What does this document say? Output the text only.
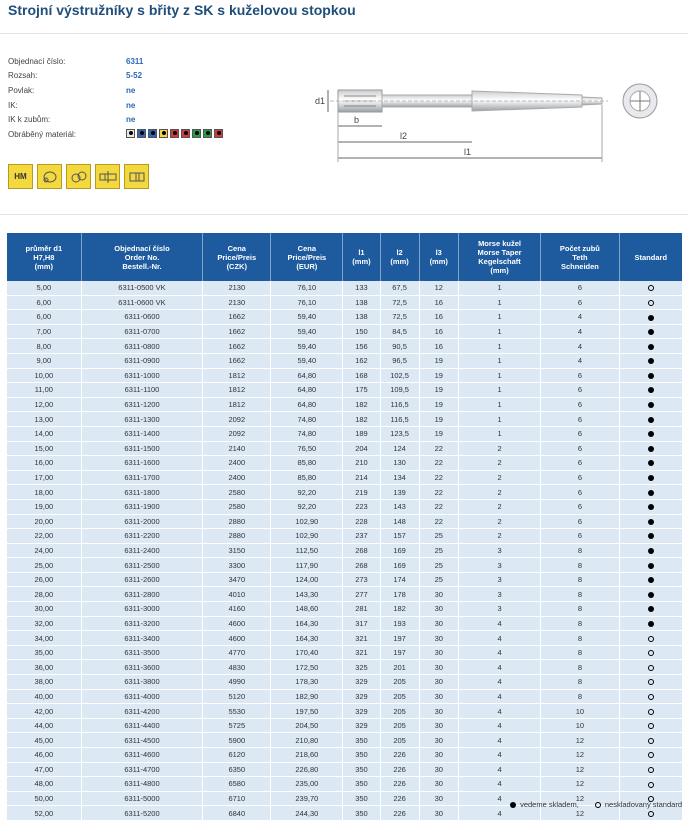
Strojní výstružníky s břity z SK s kuželovou stopkou
Objednací číslo:	6311
Rozsah:	5-52
Povlak:	ne
IK:	ne
IK k zubům:	ne
Obráběný materiál:
HM
d1
b
l2
l1
průměr d1
H7,H8
(mm)	Objednací číslo
Order No.
Bestell.-Nr.	Cena
Price/Preis
(CZK)	Cena
Price/Preis
(EUR)	l1
(mm)	l2
(mm)	l3
(mm)	Morse kužel
Morse Taper
Kegelschaft
(mm)	Počet zubů
Teth
Schneiden	Standard
5,00	6311-0500 VK	2130	76,10	133	67,5	12	1	6	
6,00	6311-0600 VK	2130	76,10	138	72,5	16	1	6	
6,00	6311-0600	1662	59,40	138	72,5	16	1	4	
7,00	6311-0700	1662	59,40	150	84,5	16	1	4	
8,00	6311-0800	1662	59,40	156	90,5	16	1	4	
9,00	6311-0900	1662	59,40	162	96,5	19	1	4	
10,00	6311-1000	1812	64,80	168	102,5	19	1	6	
11,00	6311-1100	1812	64,80	175	109,5	19	1	6	
12,00	6311-1200	1812	64,80	182	116,5	19	1	6	
13,00	6311-1300	2092	74,80	182	116,5	19	1	6	
14,00	6311-1400	2092	74,80	189	123,5	19	1	6	
15,00	6311-1500	2140	76,50	204	124	22	2	6	
16,00	6311-1600	2400	85,80	210	130	22	2	6	
17,00	6311-1700	2400	85,80	214	134	22	2	6	
18,00	6311-1800	2580	92,20	219	139	22	2	6	
19,00	6311-1900	2580	92,20	223	143	22	2	6	
20,00	6311-2000	2880	102,90	228	148	22	2	6	
22,00	6311-2200	2880	102,90	237	157	25	2	6	
24,00	6311-2400	3150	112,50	268	169	25	3	8	
25,00	6311-2500	3300	117,90	268	169	25	3	8	
26,00	6311-2600	3470	124,00	273	174	25	3	8	
28,00	6311-2800	4010	143,30	277	178	30	3	8	
30,00	6311-3000	4160	148,60	281	182	30	3	8	
32,00	6311-3200	4600	164,30	317	193	30	4	8	
34,00	6311-3400	4600	164,30	321	197	30	4	8	
35,00	6311-3500	4770	170,40	321	197	30	4	8	
36,00	6311-3600	4830	172,50	325	201	30	4	8	
38,00	6311-3800	4990	178,30	329	205	30	4	8	
40,00	6311-4000	5120	182,90	329	205	30	4	8	
42,00	6311-4200	5530	197,50	329	205	30	4	10	
44,00	6311-4400	5725	204,50	329	205	30	4	10	
45,00	6311-4500	5900	210,80	350	205	30	4	12	
46,00	6311-4600	6120	218,60	350	226	30	4	12	
47,00	6311-4700	6350	226,80	350	226	30	4	12	
48,00	6311-4800	6580	235,00	350	226	30	4	12	
50,00	6311-5000	6710	239,70	350	226	30	4	12	
52,00	6311-5200	6840	244,30	350	226	30	4	12	
vedeme skladem,	neskladovaný standard
